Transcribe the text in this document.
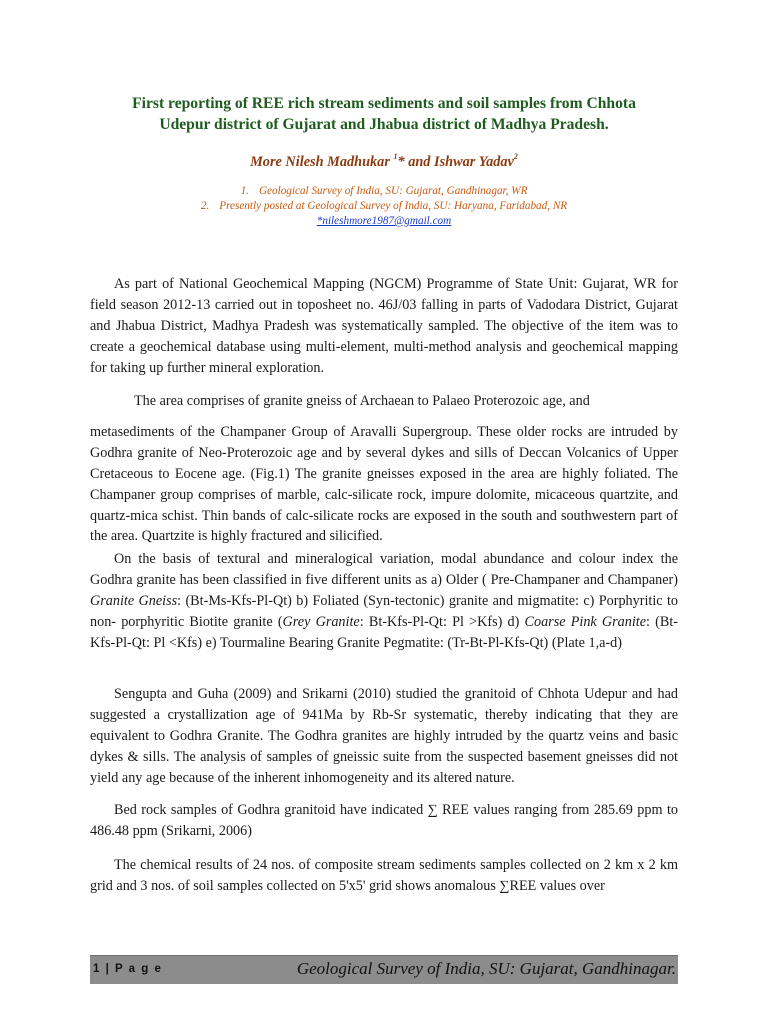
First reporting of REE rich stream sediments and soil samples from Chhota
Udepur district of Gujarat and Jhabua district of Madhya Pradesh.
More Nilesh Madhukar $^1$* and Ishwar Yadav$^2$
1. Geological Survey of India, SU: Gujarat, Gandhinagar, WR
2. Presently posted at Geological Survey of India, SU: Haryana, Faridabad, NR
*nileshmore1987@gmail.com

As part of National Geochemical Mapping (NGCM) Programme of State Unit: Gujarat, WR for field season 2012-13 carried out in toposheet no. 46J/03 falling in parts of Vadodara District, Gujarat and Jhabua District, Madhya Pradesh was systematically sampled. The objective of the item was to create a geochemical database using multi-element, multi-method analysis and geochemical mapping for taking up further mineral exploration.

The area comprises of granite gneiss of Archaean to Palaeo Proterozoic age, and
metasediments of the Champaner Group of Aravalli Supergroup. These older rocks are intruded by Godhra granite of Neo-Proterozoic age and by several dykes and sills of Deccan Volcanics of Upper Cretaceous to Eocene age. (Fig.1) The granite gneisses exposed in the area are highly foliated. The Champaner group comprises of marble, calc-silicate rock, impure dolomite, micaceous quartzite, and quartz-mica schist. Thin bands of calc-silicate rocks are exposed in the south and southwestern part of the area. Quartzite is highly fractured and silicified.

On the basis of textural and mineralogical variation, modal abundance and colour index the Godhra granite has been classified in five different units as a) Older ( Pre-Champaner and Champaner) Granite Gneiss: (Bt-Ms-Kfs-Pl-Qt) b) Foliated (Syn-tectonic) granite and migmatite: c) Porphyritic to non- porphyritic Biotite granite (Grey Granite: Bt-Kfs-Pl-Qt: Pl >Kfs) d) Coarse Pink Granite: (Bt-Kfs-Pl-Qt: Pl <Kfs) e) Tourmaline Bearing Granite Pegmatite: (Tr-Bt-Pl-Kfs-Qt) (Plate 1,a-d)

Sengupta and Guha (2009) and Srikarni (2010) studied the granitoid of Chhota Udepur and had suggested a crystallization age of 941Ma by Rb-Sr systematic, thereby indicating that they are equivalent to Godhra Granite. The Godhra granites are highly intruded by the quartz veins and basic dykes & sills. The analysis of samples of gneissic suite from the suspected basement gneisses did not yield any age because of the inherent inhomogeneity and its altered nature.

Bed rock samples of Godhra granitoid have indicated ∑ REE values ranging from 285.69 ppm to 486.48 ppm (Srikarni, 2006)

The chemical results of 24 nos. of composite stream sediments samples collected on 2 km x 2 km grid and 3 nos. of soil samples collected on 5'x5' grid shows anomalous ∑REE values over

1 | P a g e	Geological Survey of India, SU: Gujarat, Gandhinagar.
